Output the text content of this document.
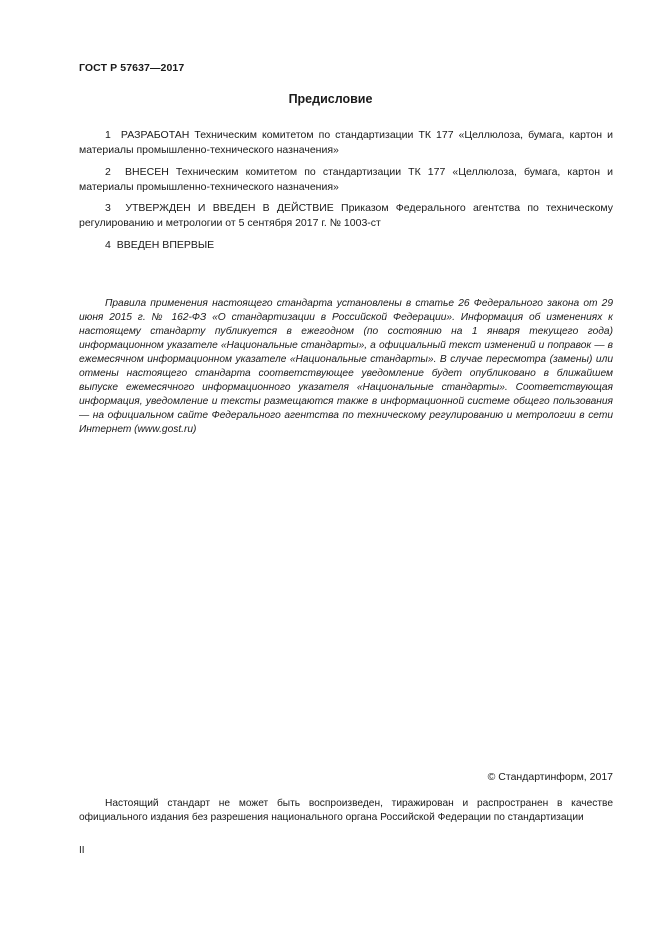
ГОСТ Р 57637—2017
Предисловие

1 РАЗРАБОТАН Техническим комитетом по стандартизации ТК 177 «Целлюлоза, бумага, картон и материалы промышленно-технического назначения»

2 ВНЕСЕН Техническим комитетом по стандартизации ТК 177 «Целлюлоза, бумага, картон и материалы промышленно-технического назначения»

3 УТВЕРЖДЕН И ВВЕДЕН В ДЕЙСТВИЕ Приказом Федерального агентства по техническому регулированию и метрологии от 5 сентября 2017 г. № 1003-ст

4 ВВЕДЕН ВПЕРВЫЕ

Правила применения настоящего стандарта установлены в статье 26 Федерального закона от 29 июня 2015 г. № 162-ФЗ «О стандартизации в Российской Федерации». Информация об изменениях к настоящему стандарту публикуется в ежегодном (по состоянию на 1 января текущего года) информационном указателе «Национальные стандарты», а официальный текст изменений и поправок — в ежемесячном информационном указателе «Национальные стандарты». В случае пересмотра (замены) или отмены настоящего стандарта соответствующее уведомление будет опубликовано в ближайшем выпуске ежемесячного информационного указателя «Национальные стандарты». Соответствующая информация, уведомление и тексты размещаются также в информационной системе общего пользования — на официальном сайте Федерального агентства по техническому регулированию и метрологии в сети Интернет (www.gost.ru)

© Стандартинформ, 2017

Настоящий стандарт не может быть воспроизведен, тиражирован и распространен в качестве официального издания без разрешения национального органа Российской Федерации по стандартизации

II
